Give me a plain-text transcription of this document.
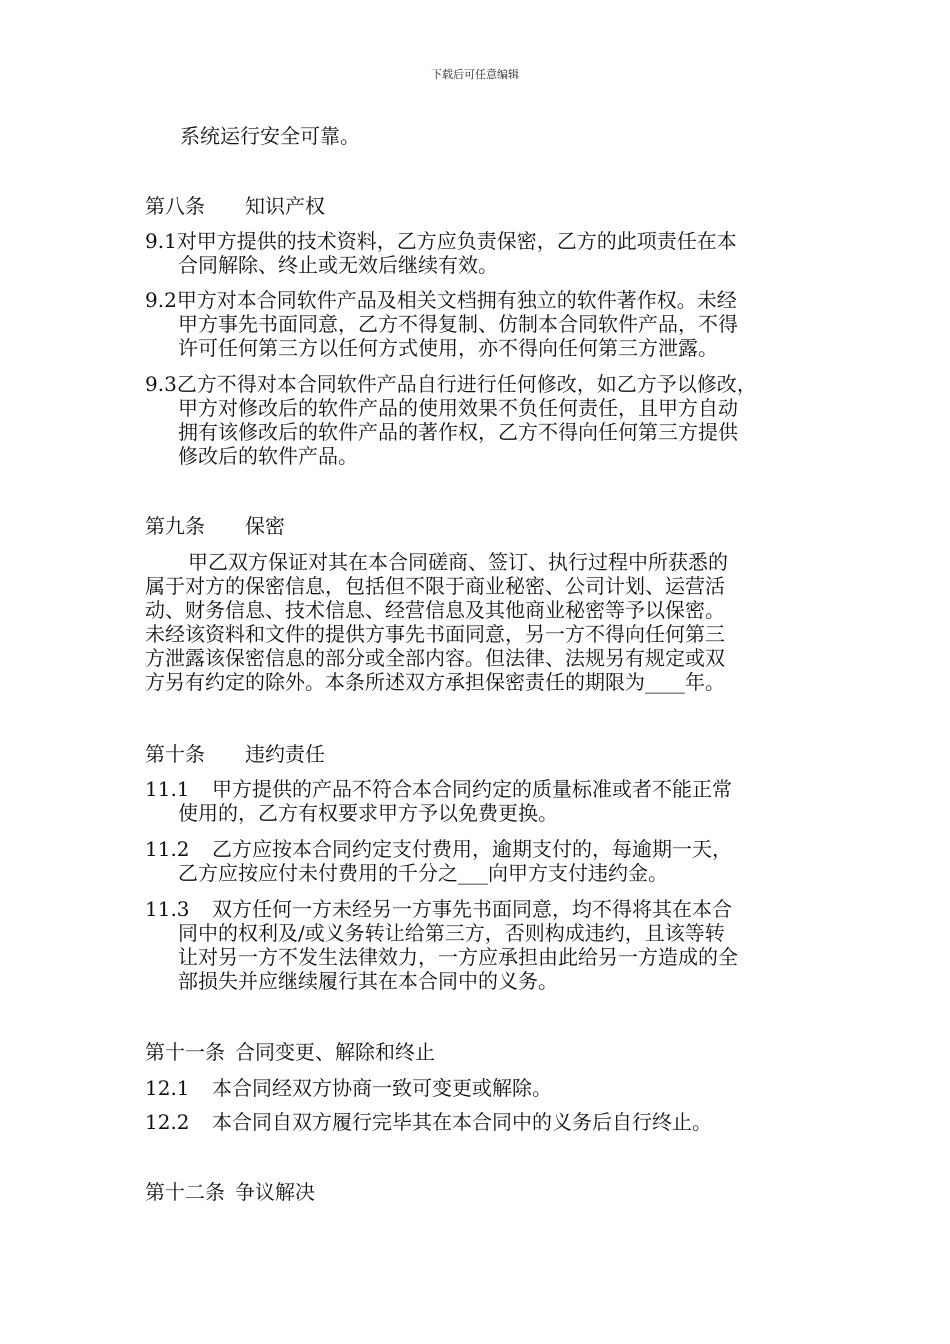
下载后可任意编辑
系统运行安全可靠。
第八条 知识产权
9.1对甲方提供的技术资料，乙方应负责保密，乙方的此项责任在本
合同解除、终止或无效后继续有效。
9.2甲方对本合同软件产品及相关文档拥有独立的软件著作权。未经
甲方事先书面同意，乙方不得复制、仿制本合同软件产品，不得
许可任何第三方以任何方式使用，亦不得向任何第三方泄露。
9.3乙方不得对本合同软件产品自行进行任何修改，如乙方予以修改，
甲方对修改后的软件产品的使用效果不负任何责任，且甲方自动
拥有该修改后的软件产品的著作权，乙方不得向任何第三方提供
修改后的软件产品。
第九条 保密
甲乙双方保证对其在本合同磋商、签订、执行过程中所获悉的
属于对方的保密信息，包括但不限于商业秘密、公司计划、运营活
动、财务信息、技术信息、经营信息及其他商业秘密等予以保密。
未经该资料和文件的提供方事先书面同意，另一方不得向任何第三
方泄露该保密信息的部分或全部内容。但法律、法规另有规定或双
方另有约定的除外。本条所述双方承担保密责任的期限为____年。
第十条 违约责任
11.1 甲方提供的产品不符合本合同约定的质量标准或者不能正常
使用的，乙方有权要求甲方予以免费更换。
11.2 乙方应按本合同约定支付费用，逾期支付的，每逾期一天，
乙方应按应付未付费用的千分之___向甲方支付违约金。
11.3 双方任何一方未经另一方事先书面同意，均不得将其在本合
同中的权利及/或义务转让给第三方，否则构成违约，且该等转
让对另一方不发生法律效力，一方应承担由此给另一方造成的全
部损失并应继续履行其在本合同中的义务。
第十一条 合同变更、解除和终止
12.1 本合同经双方协商一致可变更或解除。
12.2 本合同自双方履行完毕其在本合同中的义务后自行终止。
第十二条 争议解决
